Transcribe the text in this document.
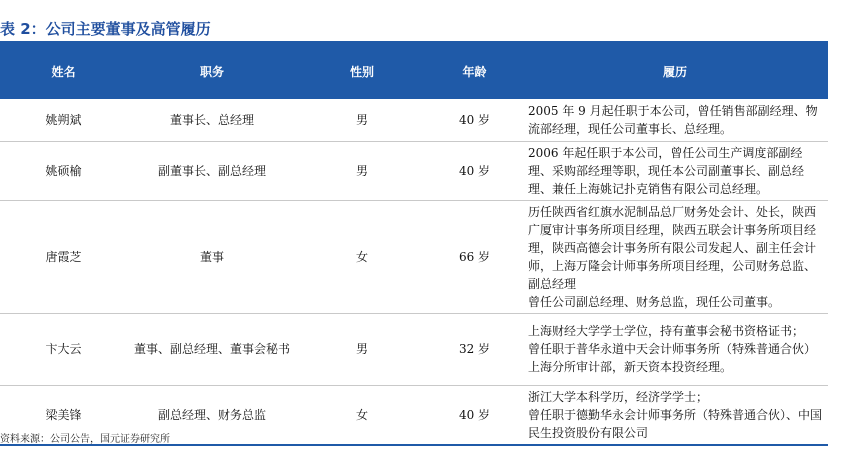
表 2：公司主要董事及高管履历
姓名	职务	性别	年龄	履历
姚朔斌	董事长、总经理	男	40 岁	2005 年 9 月起任职于本公司，曾任销售部副经理、物流部经理，现任公司董事长、总经理。

姚硕榆	副董事长、副总经理	男	40 岁	2006 年起任职于本公司，曾任公司生产调度部副经理、采购部经理等职，现任本公司副董事长、副总经理、兼任上海姚记扑克销售有限公司总经理。

唐霞芝	董事	女	66 岁	历任陕西省红旗水泥制品总厂财务处会计、处长，陕西广厦审计事务所项目经理，陕西五联会计事务所项目经理，陕西高德会计事务所有限公司发起人、副主任会计师，上海万隆会计师事务所项目经理，公司财务总监、副总经理
曾任公司副总经理、财务总监，现任公司董事。

卞大云	董事、副总经理、董事会秘书	男	32 岁	上海财经大学学士学位，持有董事会秘书资格证书；
曾任职于普华永道中天会计师事务所（特殊普通合伙）上海分所审计部，新天资本投资经理。

梁美锋	副总经理、财务总监	女	40 岁	浙江大学本科学历，经济学学士；
曾任职于德勤华永会计师事务所（特殊普通合伙）、中国民生投资股份有限公司
资料来源：公司公告，国元证券研究所
